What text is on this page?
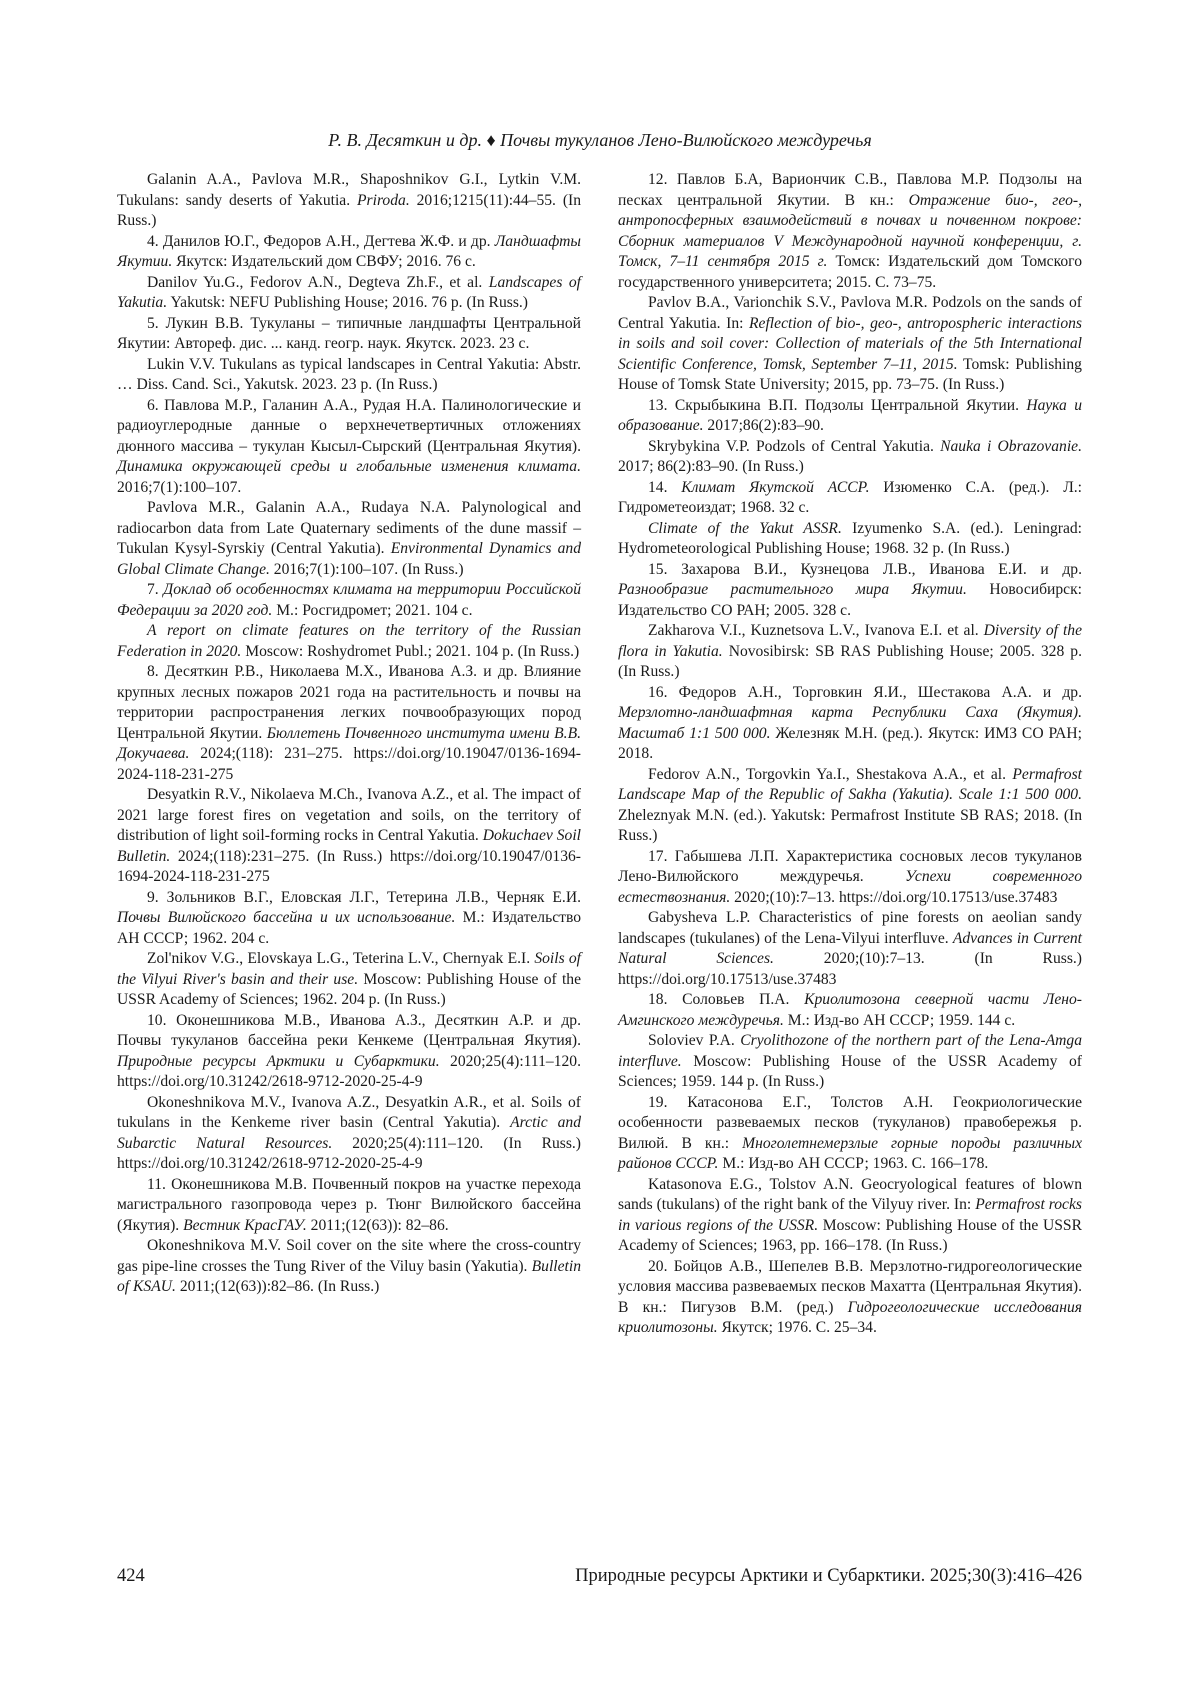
Р. В. Десяткин и др. ♦ Почвы тукуланов Лено-Вилюйского междуречья

Galanin A.A., Pavlova M.R., Shaposhnikov G.I., Lytkin V.M. Tukulans: sandy deserts of Yakutia. Priroda. 2016;1215(11):44–55. (In Russ.)

4. Данилов Ю.Г., Федоров А.Н., Дегтева Ж.Ф. и др. Ландшафты Якутии. Якутск: Издательский дом СВФУ; 2016. 76 с.

Danilov Yu.G., Fedorov A.N., Degteva Zh.F., et al. Landscapes of Yakutia. Yakutsk: NEFU Publishing House; 2016. 76 p. (In Russ.)

5. Лукин В.В. Тукуланы – типичные ландшафты Центральной Якутии: Автореф. дис. ... канд. геогр. наук. Якутск. 2023. 23 с.

Lukin V.V. Tukulans as typical landscapes in Central Yakutia: Abstr. … Diss. Cand. Sci., Yakutsk. 2023. 23 p. (In Russ.)

6. Павлова М.Р., Галанин А.А., Рудая Н.А. Палинологические и радиоуглеродные данные о верхнечетвертичных отложениях дюнного массива – тукулан Кысыл-Сырский (Центральная Якутия). Динамика окружающей среды и глобальные изменения климата. 2016;7(1):100–107.

Pavlova M.R., Galanin A.A., Rudaya N.A. Palynological and radiocarbon data from Late Quaternary sediments of the dune massif – Tukulan Kysyl-Syrskiy (Central Yakutia). Environmental Dynamics and Global Climate Change. 2016;7(1):100–107. (In Russ.)

7. Доклад об особенностях климата на территории Российской Федерации за 2020 год. М.: Росгидромет; 2021. 104 с.

A report on climate features on the territory of the Russian Federation in 2020. Moscow: Roshydromet Publ.; 2021. 104 p. (In Russ.)

8. Десяткин Р.В., Николаева М.Х., Иванова А.З. и др. Влияние крупных лесных пожаров 2021 года на растительность и почвы на территории распространения легких почвообразующих пород Центральной Якутии. Бюллетень Почвенного института имени В.В. Докучаева. 2024;(118): 231–275. https://doi.org/10.19047/0136-1694-2024-118-231-275

Desyatkin R.V., Nikolaeva M.Ch., Ivanova A.Z., et al. The impact of 2021 large forest fires on vegetation and soils, on the territory of distribution of light soil-forming rocks in Central Yakutia. Dokuchaev Soil Bulletin. 2024;(118):231–275. (In Russ.) https://doi.org/10.19047/0136-1694-2024-118-231-275

9. Зольников В.Г., Еловская Л.Г., Тетерина Л.В., Черняк Е.И. Почвы Вилюйского бассейна и их использование. М.: Издательство АН СССР; 1962. 204 с.

Zol'nikov V.G., Elovskaya L.G., Teterina L.V., Chernyak E.I. Soils of the Vilyui River's basin and their use. Moscow: Publishing House of the USSR Academy of Sciences; 1962. 204 p. (In Russ.)

10. Оконешникова М.В., Иванова А.З., Десяткин А.Р. и др. Почвы тукуланов бассейна реки Кенкеме (Центральная Якутия). Природные ресурсы Арктики и Субарктики. 2020;25(4):111–120. https://doi.org/10.31242/2618-9712-2020-25-4-9

Okoneshnikova M.V., Ivanova A.Z., Desyatkin A.R., et al. Soils of tukulans in the Kenkeme river basin (Central Yakutia). Arctic and Subarctic Natural Resources. 2020;25(4):111–120. (In Russ.) https://doi.org/10.31242/2618-9712-2020-25-4-9

11. Оконешникова М.В. Почвенный покров на участке перехода магистрального газопровода через р. Тюнг Вилюйского бассейна (Якутия). Вестник КрасГАУ. 2011;(12(63)): 82–86.

Okoneshnikova M.V. Soil cover on the site where the cross-country gas pipe-line crosses the Tung River of the Viluy basin (Yakutia). Bulletin of KSAU. 2011;(12(63)):82–86. (In Russ.)

12. Павлов Б.А, Вариончик С.В., Павлова М.Р. Подзолы на песках центральной Якутии. В кн.: Отражение био-, гео-, антропосферных взаимодействий в почвах и почвенном покрове: Сборник материалов V Международной научной конференции, г. Томск, 7–11 сентября 2015 г. Томск: Издательский дом Томского государственного университета; 2015. С. 73–75.

Pavlov B.A., Varionchik S.V., Pavlova M.R. Podzols on the sands of Central Yakutia. In: Reflection of bio-, geo-, antropospheric interactions in soils and soil cover: Collection of materials of the 5th International Scientific Conference, Tomsk, September 7–11, 2015. Tomsk: Publishing House of Tomsk State University; 2015, pp. 73–75. (In Russ.)

13. Скрыбыкина В.П. Подзолы Центральной Якутии. Наука и образование. 2017;86(2):83–90.

Skrybykina V.P. Podzols of Central Yakutia. Nauka i Obrazovanie. 2017; 86(2):83–90. (In Russ.)

14. Климат Якутской АССР. Изюменко С.А. (ред.). Л.: Гидрометеоиздат; 1968. 32 с.

Climate of the Yakut ASSR. Izyumenko S.A. (ed.). Leningrad: Hydrometeorological Publishing House; 1968. 32 p. (In Russ.)

15. Захарова В.И., Кузнецова Л.В., Иванова Е.И. и др. Разнообразие растительного мира Якутии. Новосибирск: Издательство СО РАН; 2005. 328 с.

Zakharova V.I., Kuznetsova L.V., Ivanova E.I. et al. Diversity of the flora in Yakutia. Novosibirsk: SB RAS Publishing House; 2005. 328 p. (In Russ.)

16. Федоров А.Н., Торговкин Я.И., Шестакова А.А. и др. Мерзлотно-ландшафтная карта Республики Саха (Якутия). Масштаб 1:1 500 000. Железняк М.Н. (ред.). Якутск: ИМЗ СО РАН; 2018.

Fedorov A.N., Torgovkin Ya.I., Shestakova A.A., et al. Permafrost Landscape Map of the Republic of Sakha (Yakutia). Scale 1:1 500 000. Zheleznyak M.N. (ed.). Yakutsk: Permafrost Institute SB RAS; 2018. (In Russ.)

17. Габышева Л.П. Характеристика сосновых лесов тукуланов Лено-Вилюйского междуречья. Успехи современного естествознания. 2020;(10):7–13. https://doi.org/10.17513/use.37483

Gabysheva L.P. Characteristics of pine forests on aeolian sandy landscapes (tukulanes) of the Lena-Vilyui interfluve. Advances in Current Natural Sciences. 2020;(10):7–13. (In Russ.) https://doi.org/10.17513/use.37483

18. Соловьев П.А. Криолитозона северной части Лено-Амгинского междуречья. М.: Изд-во АН СССР; 1959. 144 с.

Soloviev P.A. Cryolithozone of the northern part of the Lena-Amga interfluve. Moscow: Publishing House of the USSR Academy of Sciences; 1959. 144 p. (In Russ.)

19. Катасонова Е.Г., Толстов А.Н. Геокриологические особенности развеваемых песков (тукуланов) правобережья р. Вилюй. В кн.: Многолетнемерзлые горные породы различных районов СССР. М.: Изд-во АН СССР; 1963. С. 166–178.

Katasonova E.G., Tolstov A.N. Geocryological features of blown sands (tukulans) of the right bank of the Vilyuy river. In: Permafrost rocks in various regions of the USSR. Moscow: Publishing House of the USSR Academy of Sciences; 1963, pp. 166–178. (In Russ.)

20. Бойцов А.В., Шепелев В.В. Мерзлотно-гидрогеологические условия массива развеваемых песков Махатта (Центральная Якутия). В кн.: Пигузов В.М. (ред.) Гидрогеологические исследования криолитозоны. Якутск; 1976. С. 25–34.

424	Природные ресурсы Арктики и Субарктики. 2025;30(3):416–426
